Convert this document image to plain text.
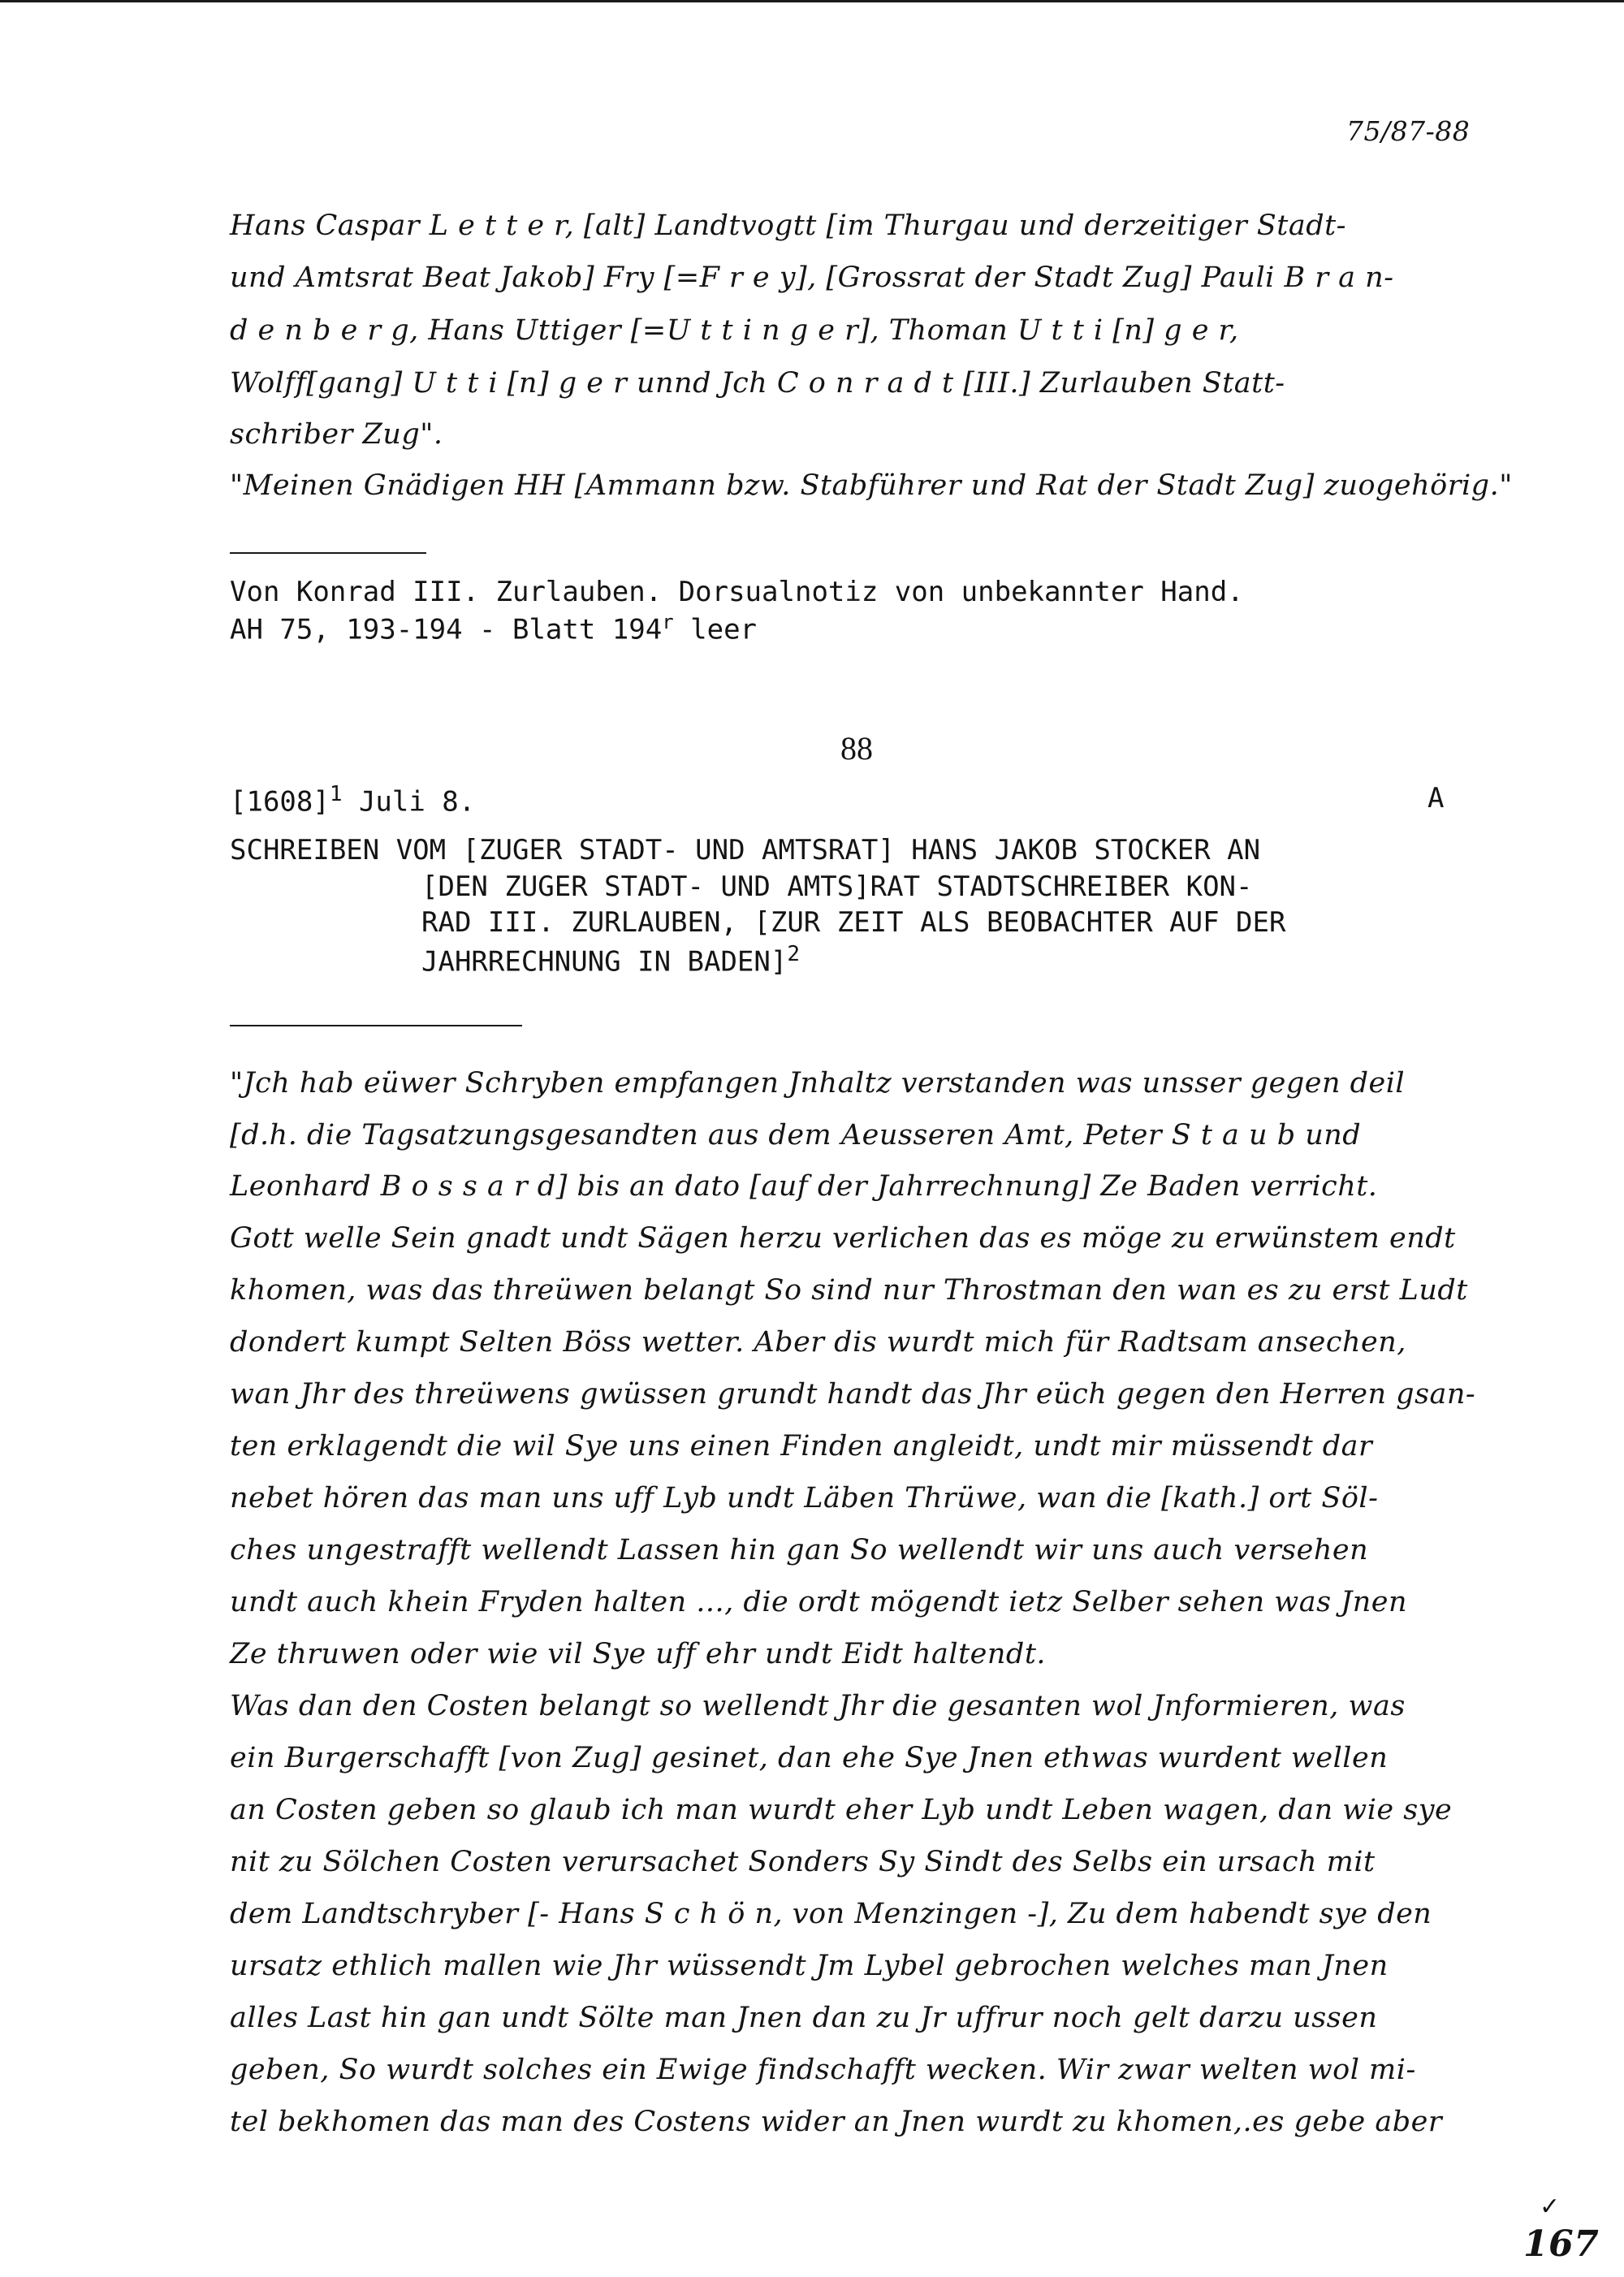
75/87-88
Hans Caspar L e t t e r, [alt] Landtvogtt [im Thurgau und derzeitiger Stadt-
und Amtsrat Beat Jakob] Fry [=F r e y], [Grossrat der Stadt Zug] Pauli B r a n-
d e n b e r g, Hans Uttiger [=U t t i n g e r], Thoman U t t i [n] g e r,
Wolff[gang] U t t i [n] g e r unnd Jch C o n r a d t [III.] Zurlauben Statt-
schriber Zug".
"Meinen Gnädigen HH [Ammann bzw. Stabführer und Rat der Stadt Zug] zuogehörig."
Von Konrad III. Zurlauben. Dorsualnotiz von unbekannter Hand.
AH 75, 193-194 - Blatt 194$^r$ leer
88
$[1608]^1$ Juli 8.	A
SCHREIBEN VOM [ZUGER STADT- UND AMTSRAT] HANS JAKOB STOCKER AN
[DEN ZUGER STADT- UND AMTS]RAT STADTSCHREIBER KON-
RAD III. ZURLAUBEN, [ZUR ZEIT ALS BEOBACHTER AUF DER
JAHRRECHNUNG IN BADEN]$^2$
"Jch hab eüwer Schryben empfangen Jnhaltz verstanden was unsser gegen deil
[d.h. die Tagsatzungsgesandten aus dem Aeusseren Amt, Peter S t a u b und
Leonhard B o s s a r d] bis an dato [auf der Jahrrechnung] Ze Baden verricht.
Gott welle Sein gnadt undt Sägen herzu verlichen das es möge zu erwünstem endt
khomen, was das threüwen belangt So sind nur Throstman den wan es zu erst Ludt
dondert kumpt Selten Böss wetter. Aber dis wurdt mich für Radtsam ansechen,
wan Jhr des threüwens gwüssen grundt handt das Jhr eüch gegen den Herren gsan-
ten erklagendt die wil Sye uns einen Finden angleidt, undt mir müssendt dar
nebet hören das man uns uff Lyb undt Läben Thrüwe, wan die [kath.] ort Söl-
ches ungestrafft wellendt Lassen hin gan So wellendt wir uns auch versehen
undt auch khein Fryden halten ..., die ordt mögendt ietz Selber sehen was Jnen
Ze thruwen oder wie vil Sye uff ehr undt Eidt haltendt.
Was dan den Costen belangt so wellendt Jhr die gesanten wol Jnformieren, was
ein Burgerschafft [von Zug] gesinet, dan ehe Sye Jnen ethwas wurdent wellen
an Costen geben so glaub ich man wurdt eher Lyb undt Leben wagen, dan wie sye
nit zu Sölchen Costen verursachet Sonders Sy Sindt des Selbs ein ursach mit
dem Landtschryber [- Hans S c h ö n, von Menzingen -], Zu dem habendt sye den
ursatz ethlich mallen wie Jhr wüssendt Jm Lybel gebrochen welches man Jnen
alles Last hin gan undt Sölte man Jnen dan zu Jr uffrur noch gelt darzu ussen
geben, So wurdt solches ein Ewige findschafft wecken. Wir zwar welten wol mi-
tel bekhomen das man des Costens wider an Jnen wurdt zu khomen,.es gebe aber
✓
167
